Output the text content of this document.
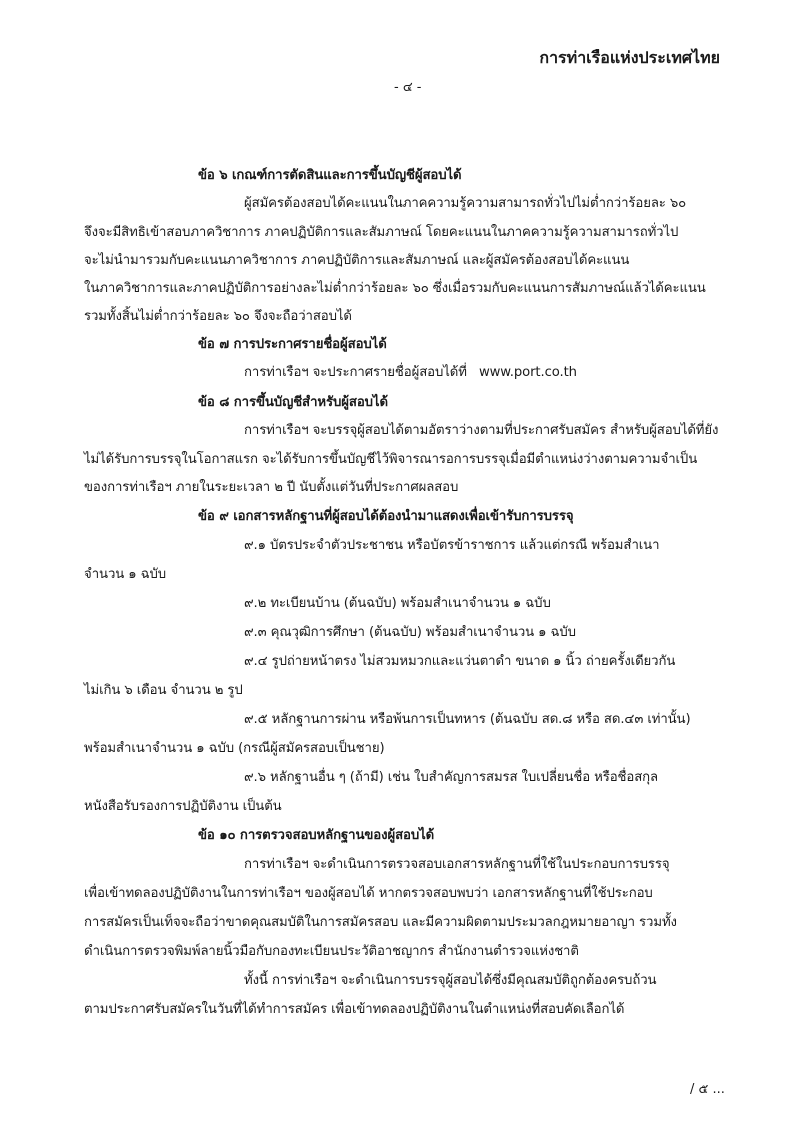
การท่าเรือแห่งประเทศไทย
- ๔ -
ข้อ ๖ เกณฑ์การตัดสินและการขึ้นบัญชีผู้สอบได้
ผู้สมัครต้องสอบได้คะแนนในภาคความรู้ความสามารถทั่วไปไม่ต่ำกว่าร้อยละ ๖๐
จึงจะมีสิทธิเข้าสอบภาควิชาการ ภาคปฏิบัติการและสัมภาษณ์ โดยคะแนนในภาคความรู้ความสามารถทั่วไป
จะไม่นำมารวมกับคะแนนภาควิชาการ ภาคปฏิบัติการและสัมภาษณ์ และผู้สมัครต้องสอบได้คะแนน
ในภาควิชาการและภาคปฏิบัติการอย่างละไม่ต่ำกว่าร้อยละ ๖๐ ซึ่งเมื่อรวมกับคะแนนการสัมภาษณ์แล้วได้คะแนน
รวมทั้งสิ้นไม่ต่ำกว่าร้อยละ ๖๐ จึงจะถือว่าสอบได้
ข้อ ๗ การประกาศรายชื่อผู้สอบได้
การท่าเรือฯ จะประกาศรายชื่อผู้สอบได้ที่ www.port.co.th
ข้อ ๘ การขึ้นบัญชีสำหรับผู้สอบได้
การท่าเรือฯ จะบรรจุผู้สอบได้ตามอัตราว่างตามที่ประกาศรับสมัคร สำหรับผู้สอบได้ที่ยัง
ไม่ได้รับการบรรจุในโอกาสแรก จะได้รับการขึ้นบัญชีไว้พิจารณารอการบรรจุเมื่อมีตำแหน่งว่างตามความจำเป็น
ของการท่าเรือฯ ภายในระยะเวลา ๒ ปี นับตั้งแต่วันที่ประกาศผลสอบ
ข้อ ๙ เอกสารหลักฐานที่ผู้สอบได้ต้องนำมาแสดงเพื่อเข้ารับการบรรจุ
๙.๑ บัตรประจำตัวประชาชน หรือบัตรข้าราชการ แล้วแต่กรณี พร้อมสำเนา
จำนวน ๑ ฉบับ
๙.๒ ทะเบียนบ้าน (ต้นฉบับ) พร้อมสำเนาจำนวน ๑ ฉบับ
๙.๓ คุณวุฒิการศึกษา (ต้นฉบับ) พร้อมสำเนาจำนวน ๑ ฉบับ
๙.๔ รูปถ่ายหน้าตรง ไม่สวมหมวกและแว่นตาดำ ขนาด ๑ นิ้ว ถ่ายครั้งเดียวกัน
ไม่เกิน ๖ เดือน จำนวน ๒ รูป
๙.๕ หลักฐานการผ่าน หรือพ้นการเป็นทหาร (ต้นฉบับ สด.๘ หรือ สด.๔๓ เท่านั้น)
พร้อมสำเนาจำนวน ๑ ฉบับ (กรณีผู้สมัครสอบเป็นชาย)
๙.๖ หลักฐานอื่น ๆ (ถ้ามี) เช่น ใบสำคัญการสมรส ใบเปลี่ยนชื่อ หรือชื่อสกุล
หนังสือรับรองการปฏิบัติงาน เป็นต้น
ข้อ ๑๐ การตรวจสอบหลักฐานของผู้สอบได้
การท่าเรือฯ จะดำเนินการตรวจสอบเอกสารหลักฐานที่ใช้ในประกอบการบรรจุ
เพื่อเข้าทดลองปฏิบัติงานในการท่าเรือฯ ของผู้สอบได้ หากตรวจสอบพบว่า เอกสารหลักฐานที่ใช้ประกอบ
การสมัครเป็นเท็จจะถือว่าขาดคุณสมบัติในการสมัครสอบ และมีความผิดตามประมวลกฎหมายอาญา รวมทั้ง
ดำเนินการตรวจพิมพ์ลายนิ้วมือกับกองทะเบียนประวัติอาชญากร สำนักงานตำรวจแห่งชาติ
ทั้งนี้ การท่าเรือฯ จะดำเนินการบรรจุผู้สอบได้ซึ่งมีคุณสมบัติถูกต้องครบถ้วน
ตามประกาศรับสมัครในวันที่ได้ทำการสมัคร เพื่อเข้าทดลองปฏิบัติงานในตำแหน่งที่สอบคัดเลือกได้
/ ๕ ...
